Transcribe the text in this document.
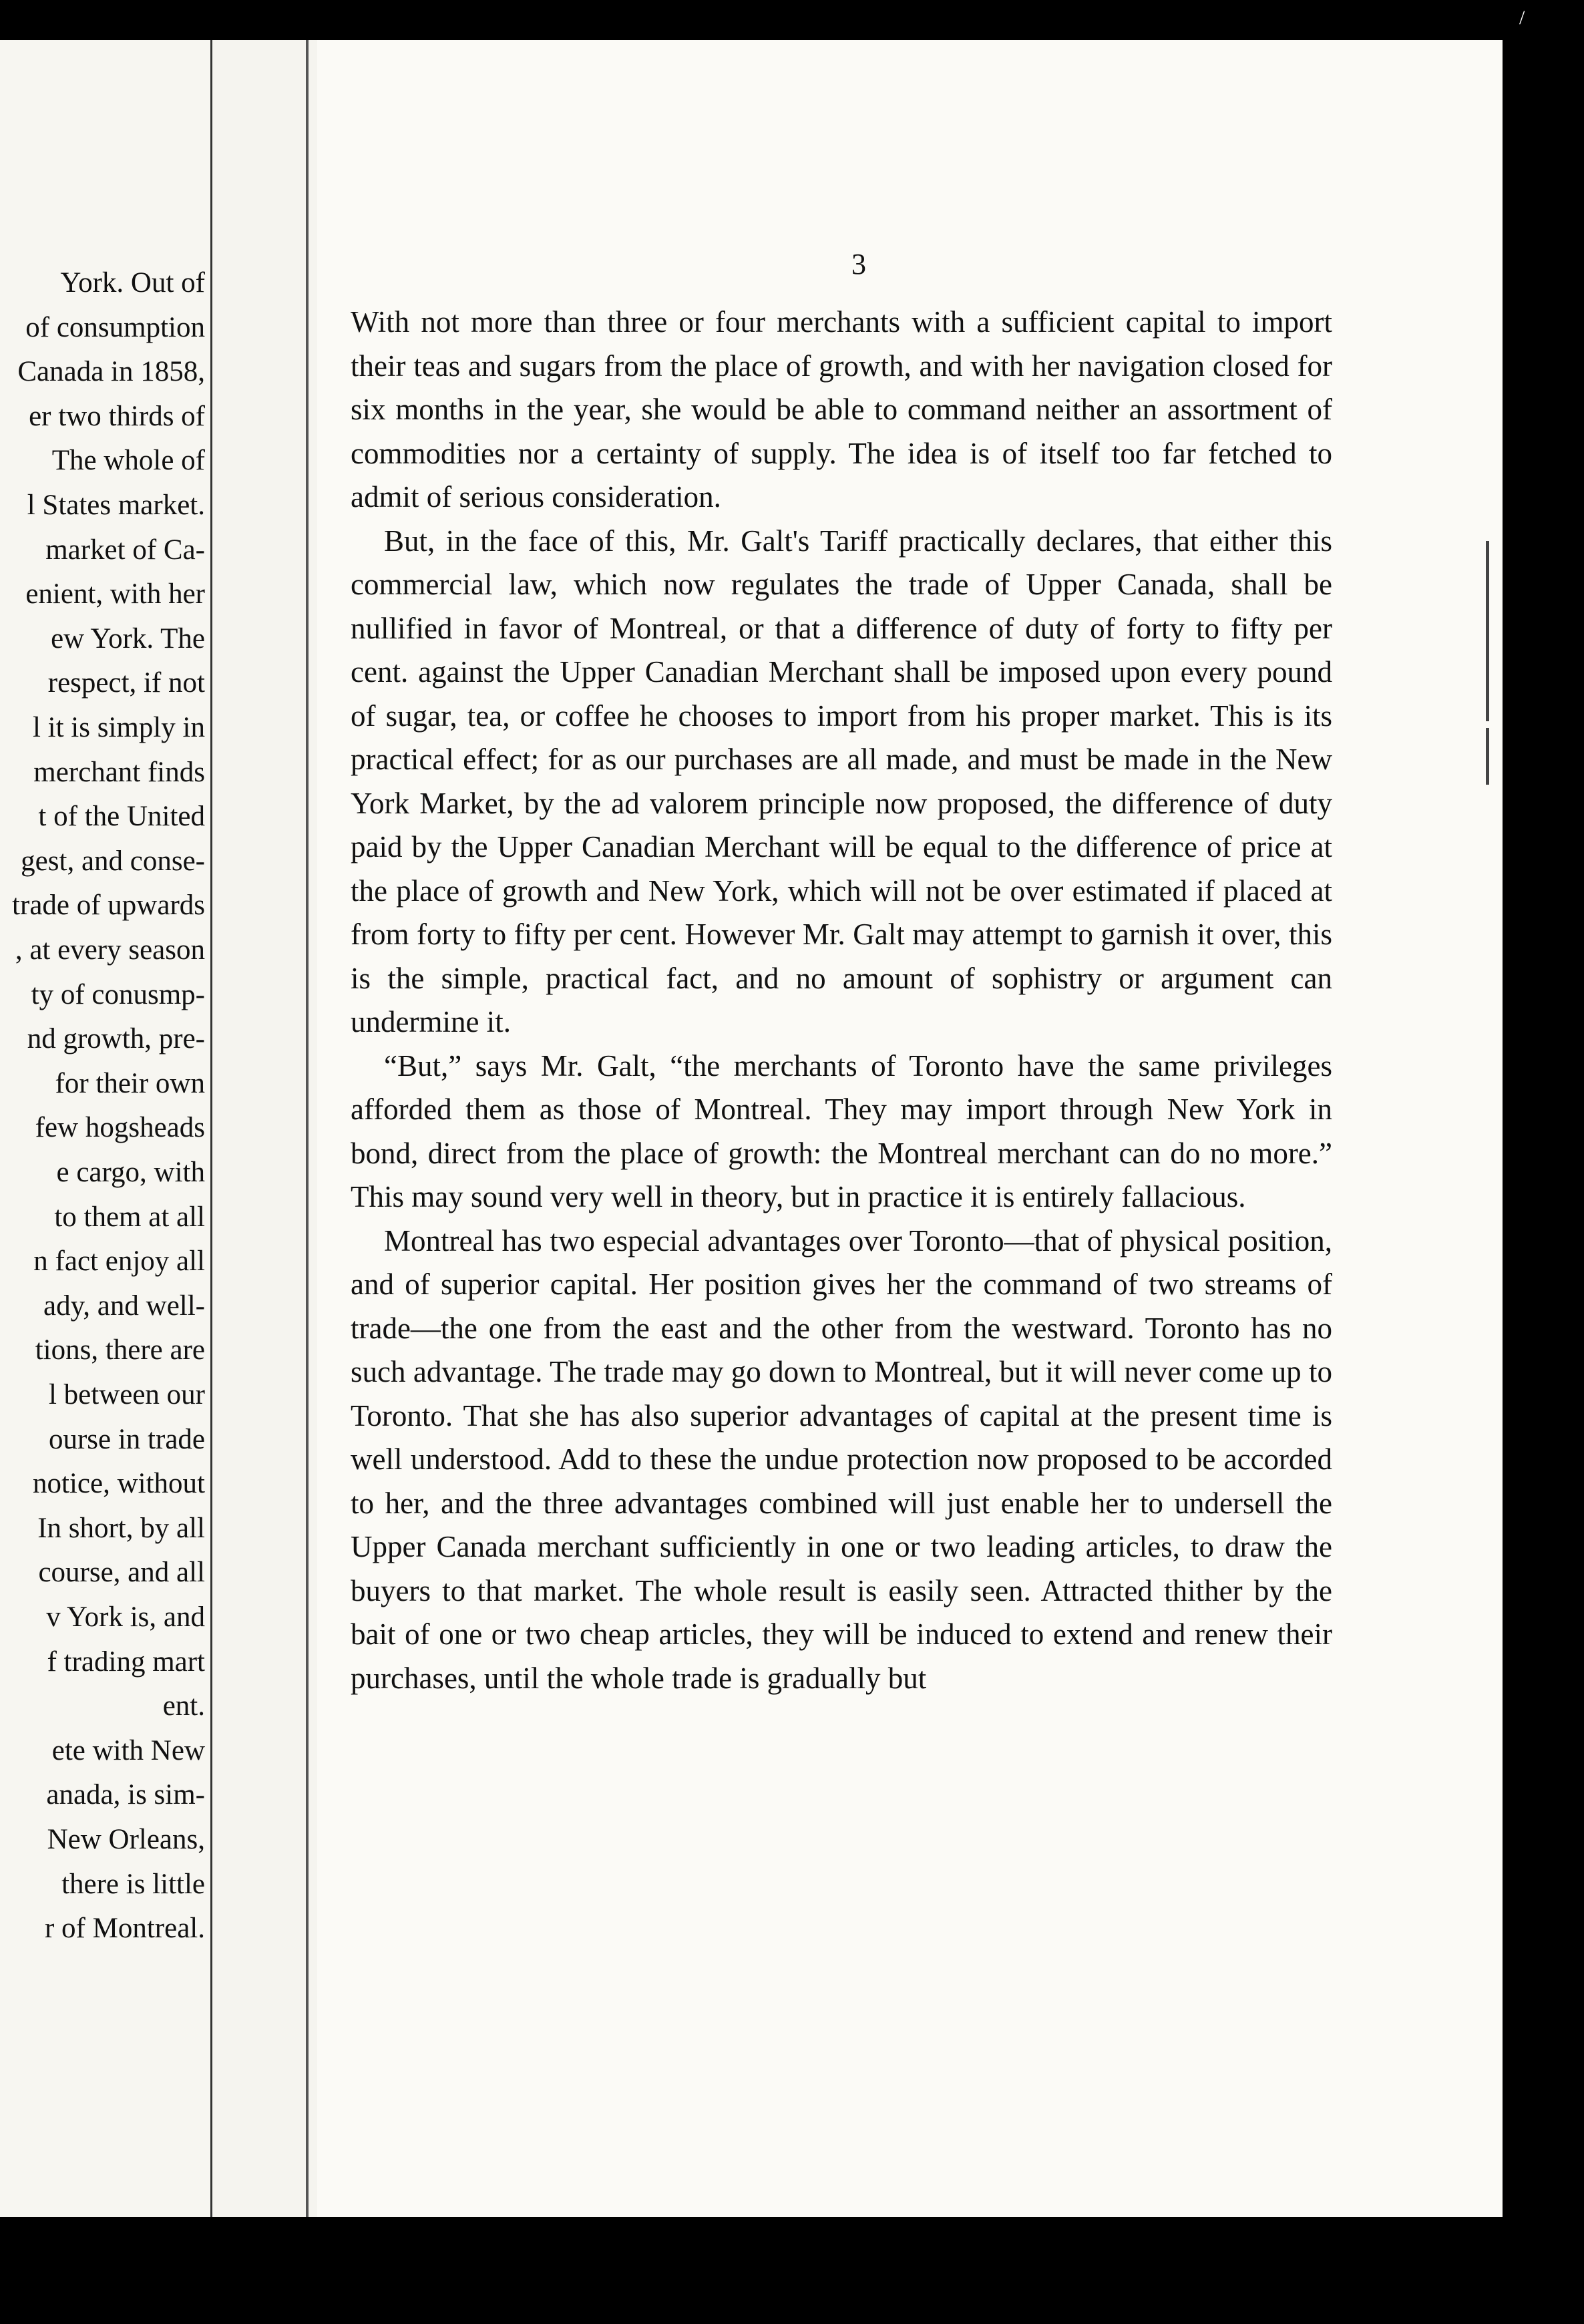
York. Out of
of consumption
Canada in 1858,
er two thirds of
The whole of
l States market.
market of Ca-
enient, with her
ew York. The
respect, if not
l it is simply in
merchant finds
t of the United
gest, and conse-
trade of upwards
, at every season
ty of conusmp-
nd growth, pre-
for their own
few hogsheads
e cargo, with
to them at all
n fact enjoy all
ady, and well-
tions, there are
l between our
ourse in trade
notice, without
In short, by all
course, and all
v York is, and
f trading mart
ent.
ete with New
anada, is sim-
New Orleans,
there is little
r of Montreal.
3

With not more than three or four merchants with a sufficient capital to import their teas and sugars from the place of growth, and with her navigation closed for six months in the year, she would be able to command neither an assortment of commodities nor a certainty of supply. The idea is of itself too far fetched to admit of serious consideration.

But, in the face of this, Mr. Galt's Tariff practically declares, that either this commercial law, which now regulates the trade of Upper Canada, shall be nullified in favor of Montreal, or that a difference of duty of forty to fifty per cent. against the Upper Canadian Merchant shall be imposed upon every pound of sugar, tea, or coffee he chooses to import from his proper market. This is its practical effect; for as our purchases are all made, and must be made in the New York Market, by the ad valorem principle now proposed, the difference of duty paid by the Upper Canadian Merchant will be equal to the difference of price at the place of growth and New York, which will not be over estimated if placed at from forty to fifty per cent. However Mr. Galt may attempt to garnish it over, this is the simple, practical fact, and no amount of sophistry or argument can undermine it.

“But,” says Mr. Galt, “the merchants of Toronto have the same privileges afforded them as those of Montreal. They may import through New York in bond, direct from the place of growth: the Montreal merchant can do no more.” This may sound very well in theory, but in practice it is entirely fallacious.

Montreal has two especial advantages over Toronto—that of physical position, and of superior capital. Her position gives her the command of two streams of trade—the one from the east and the other from the westward. Toronto has no such advantage. The trade may go down to Montreal, but it will never come up to Toronto. That she has also superior advantages of capital at the present time is well understood. Add to these the undue protection now proposed to be accorded to her, and the three advantages combined will just enable her to undersell the Upper Canada merchant sufficiently in one or two leading articles, to draw the buyers to that market. The whole result is easily seen. Attracted thither by the bait of one or two cheap articles, they will be induced to extend and renew their purchases, until the whole trade is gradually but

/
